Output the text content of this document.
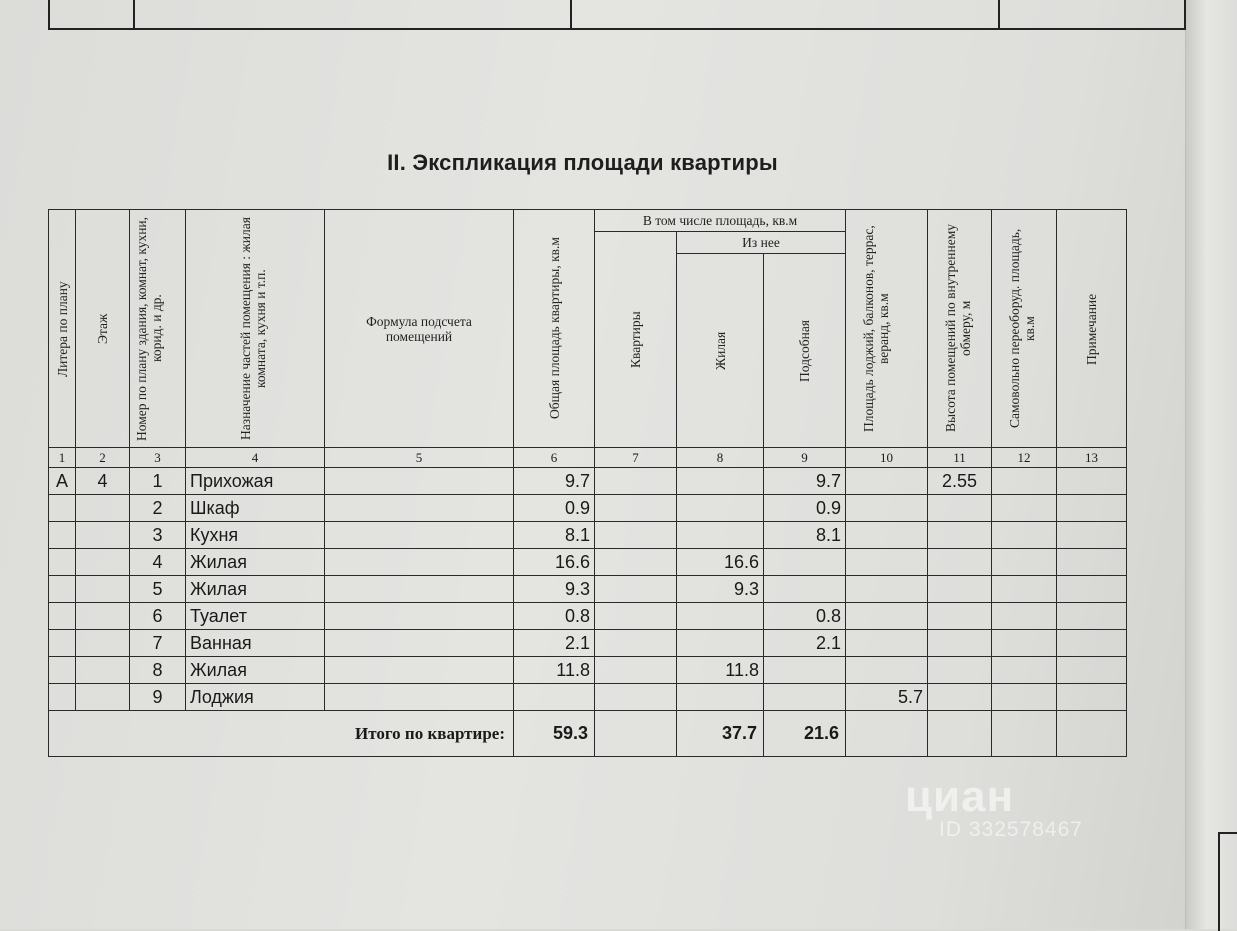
II. Экспликация площади квартиры
Литера по плану	Этаж	Номер по плану здания, комнат, кухни, корид. и др.	Назначение частей помещения : жилая комната, кухня и т.п.	Формула подсчета помещений	Общая площадь квартиры, кв.м	В том числе площадь, кв.м			Площадь лоджий, балконов, террас, веранд, кв.м	Высота помещений по внутреннему обмеру, м	Самовольно переоборуд. площадь, кв.м	Примечание

						Квартиры	Из нее					

							Жилая	Подсобная				

1	2	3	4	5	6	7	8	9	10	11	12	13
А	4	1	Прихожая		9.7			9.7		2.55		
		2	Шкаф		0.9			0.9				
		3	Кухня		8.1			8.1				
		4	Жилая		16.6		16.6					
		5	Жилая		9.3		9.3					
		6	Туалет		0.8			0.8				
		7	Ванная		2.1			2.1				
		8	Жилая		11.8		11.8					
		9	Лоджия						5.7			
Итого по квартире:					59.3		37.7	21.6				
циан
ID 332578467
